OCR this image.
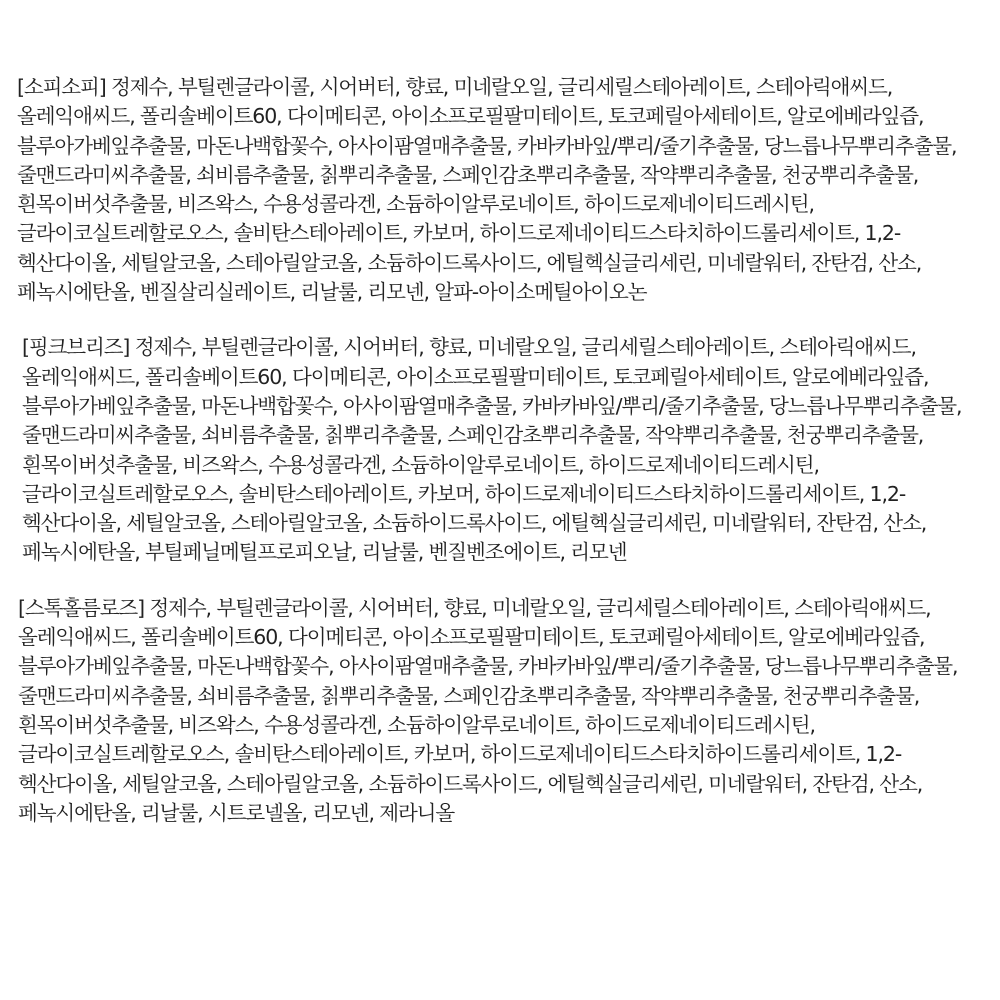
[소피소피] 정제수, 부틸렌글라이콜, 시어버터, 향료, 미네랄오일, 글리세릴스테아레이트, 스테아릭애씨드, 올레익애씨드, 폴리솔베이트60, 다이메티콘, 아이소프로필팔미테이트, 토코페릴아세테이트, 알로에베라잎즙, 블루아가베잎추출물, 마돈나백합꽃수, 아사이팜열매추출물, 카바카바잎/뿌리/줄기추출물, 당느릅나무뿌리추출물, 줄맨드라미씨추출물, 쇠비름추출물, 칡뿌리추출물, 스페인감초뿌리추출물, 작약뿌리추출물, 천궁뿌리추출물, 흰목이버섯추출물, 비즈왁스, 수용성콜라겐, 소듐하이알루로네이트, 하이드로제네이티드레시틴, 글라이코실트레할로오스, 솔비탄스테아레이트, 카보머, 하이드로제네이티드스타치하이드롤리세이트, 1,2-헥산다이올, 세틸알코올, 스테아릴알코올, 소듐하이드록사이드, 에틸헥실글리세린, 미네랄워터, 잔탄검, 산소, 페녹시에탄올, 벤질살리실레이트, 리날룰, 리모넨, 알파-아이소메틸아이오논

[핑크브리즈] 정제수, 부틸렌글라이콜, 시어버터, 향료, 미네랄오일, 글리세릴스테아레이트, 스테아릭애씨드, 올레익애씨드, 폴리솔베이트60, 다이메티콘, 아이소프로필팔미테이트, 토코페릴아세테이트, 알로에베라잎즙, 블루아가베잎추출물, 마돈나백합꽃수, 아사이팜열매추출물, 카바카바잎/뿌리/줄기추출물, 당느릅나무뿌리추출물, 줄맨드라미씨추출물, 쇠비름추출물, 칡뿌리추출물, 스페인감초뿌리추출물, 작약뿌리추출물, 천궁뿌리추출물, 흰목이버섯추출물, 비즈왁스, 수용성콜라겐, 소듐하이알루로네이트, 하이드로제네이티드레시틴, 글라이코실트레할로오스, 솔비탄스테아레이트, 카보머, 하이드로제네이티드스타치하이드롤리세이트, 1,2-헥산다이올, 세틸알코올, 스테아릴알코올, 소듐하이드록사이드, 에틸헥실글리세린, 미네랄워터, 잔탄검, 산소, 페녹시에탄올, 부틸페닐메틸프로피오날, 리날룰, 벤질벤조에이트, 리모넨

[스톡홀름로즈] 정제수, 부틸렌글라이콜, 시어버터, 향료, 미네랄오일, 글리세릴스테아레이트, 스테아릭애씨드, 올레익애씨드, 폴리솔베이트60, 다이메티콘, 아이소프로필팔미테이트, 토코페릴아세테이트, 알로에베라잎즙, 블루아가베잎추출물, 마돈나백합꽃수, 아사이팜열매추출물, 카바카바잎/뿌리/줄기추출물, 당느릅나무뿌리추출물, 줄맨드라미씨추출물, 쇠비름추출물, 칡뿌리추출물, 스페인감초뿌리추출물, 작약뿌리추출물, 천궁뿌리추출물, 흰목이버섯추출물, 비즈왁스, 수용성콜라겐, 소듐하이알루로네이트, 하이드로제네이티드레시틴, 글라이코실트레할로오스, 솔비탄스테아레이트, 카보머, 하이드로제네이티드스타치하이드롤리세이트, 1,2-헥산다이올, 세틸알코올, 스테아릴알코올, 소듐하이드록사이드, 에틸헥실글리세린, 미네랄워터, 잔탄검, 산소, 페녹시에탄올, 리날룰, 시트로넬올, 리모넨, 제라니올
